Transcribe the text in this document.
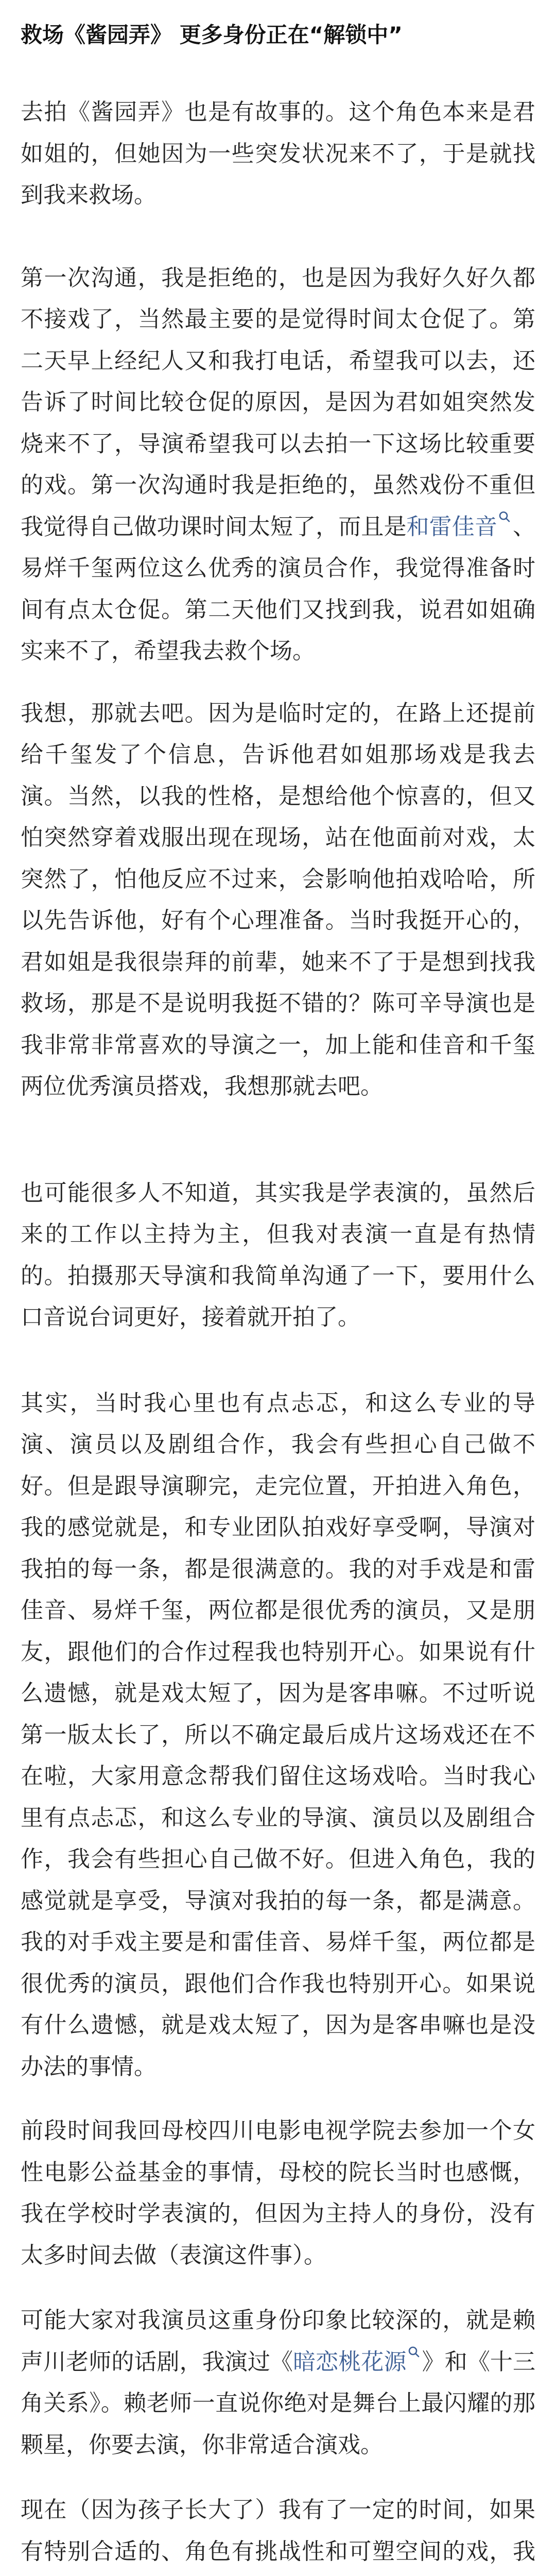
救场《酱园弄》 更多身份正在“解锁中”

去拍《酱园弄》也是有故事的。这个角色本来是君如姐的，但她因为一些突发状况来不了，于是就找到我来救场。

第一次沟通，我是拒绝的，也是因为我好久好久都不接戏了，当然最主要的是觉得时间太仓促了。第二天早上经纪人又和我打电话，希望我可以去，还告诉了时间比较仓促的原因，是因为君如姐突然发烧来不了，导演希望我可以去拍一下这场比较重要的戏。第一次沟通时我是拒绝的，虽然戏份不重但我觉得自己做功课时间太短了，而且是和雷佳音 、易烊千玺两位这么优秀的演员合作，我觉得准备时间有点太仓促。第二天他们又找到我，说君如姐确实来不了，希望我去救个场。

我想，那就去吧。因为是临时定的，在路上还提前给千玺发了个信息，告诉他君如姐那场戏是我去演。当然，以我的性格，是想给他个惊喜的，但又怕突然穿着戏服出现在现场，站在他面前对戏，太突然了，怕他反应不过来，会影响他拍戏哈哈，所以先告诉他，好有个心理准备。当时我挺开心的，君如姐是我很崇拜的前辈，她来不了于是想到找我救场，那是不是说明我挺不错的？陈可辛导演也是我非常非常喜欢的导演之一，加上能和佳音和千玺两位优秀演员搭戏，我想那就去吧。

也可能很多人不知道，其实我是学表演的，虽然后来的工作以主持为主，但我对表演一直是有热情的。拍摄那天导演和我简单沟通了一下，要用什么口音说台词更好，接着就开拍了。

其实，当时我心里也有点忐忑，和这么专业的导演、演员以及剧组合作，我会有些担心自己做不好。但是跟导演聊完，走完位置，开拍进入角色，我的感觉就是，和专业团队拍戏好享受啊，导演对我拍的每一条，都是很满意的。我的对手戏是和雷佳音、易烊千玺，两位都是很优秀的演员，又是朋友，跟他们的合作过程我也特别开心。如果说有什么遗憾，就是戏太短了，因为是客串嘛。不过听说第一版太长了，所以不确定最后成片这场戏还在不在啦，大家用意念帮我们留住这场戏哈。当时我心里有点忐忑，和这么专业的导演、演员以及剧组合作，我会有些担心自己做不好。但进入角色，我的感觉就是享受，导演对我拍的每一条，都是满意。我的对手戏主要是和雷佳音、易烊千玺，两位都是很优秀的演员，跟他们合作我也特别开心。如果说有什么遗憾，就是戏太短了，因为是客串嘛也是没办法的事情。

前段时间我回母校四川电影电视学院去参加一个女性电影公益基金的事情，母校的院长当时也感慨，我在学校时学表演的，但因为主持人的身份，没有太多时间去做（表演这件事）。

可能大家对我演员这重身份印象比较深的，就是赖声川老师的话剧，我演过《暗恋桃花源 》和《十三角关系》。赖老师一直说你绝对是舞台上最闪耀的那颗星，你要去演，你非常适合演戏。

现在（因为孩子长大了）我有了一定的时间，如果有特别合适的、角色有挑战性和可塑空间的戏，我
